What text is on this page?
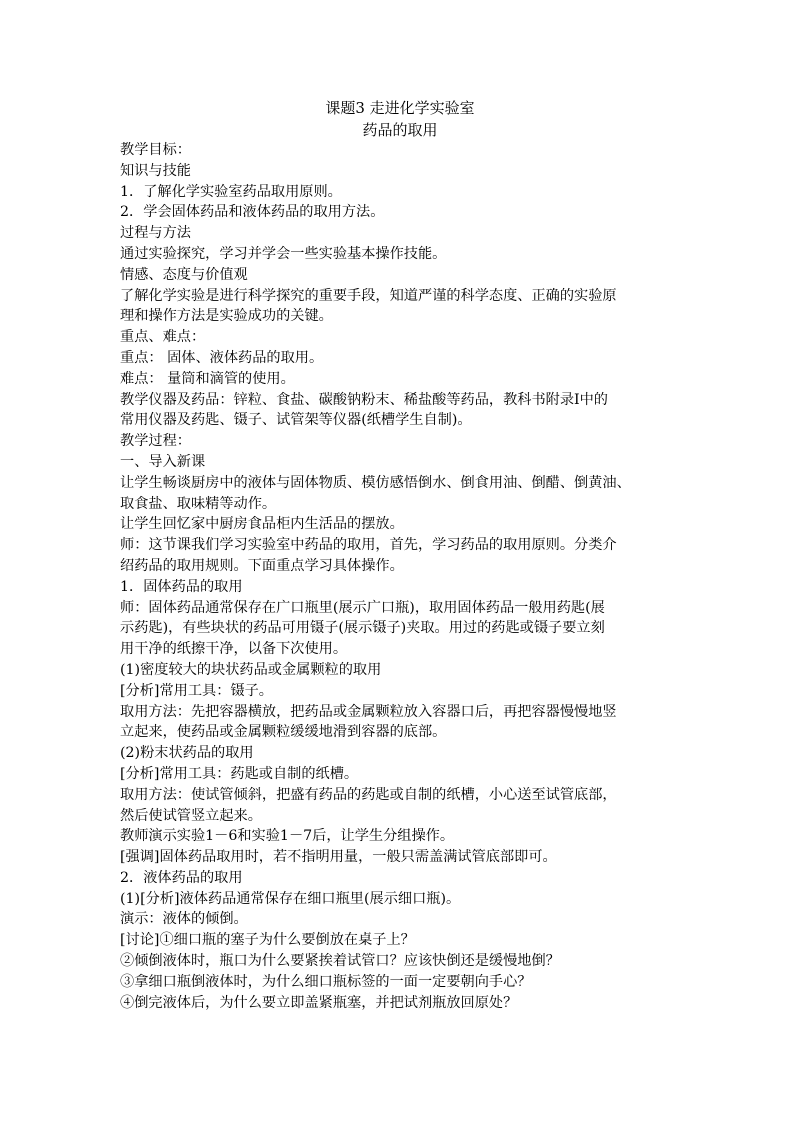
课题3 走进化学实验室
药品的取用
教学目标：
知识与技能
1．了解化学实验室药品取用原则。
2．学会固体药品和液体药品的取用方法。
过程与方法
通过实验探究，学习并学会一些实验基本操作技能。
情感、态度与价值观
了解化学实验是进行科学探究的重要手段，知道严谨的科学态度、正确的实验原
理和操作方法是实验成功的关键。
重点、难点：
重点： 固体、液体药品的取用。
难点： 量筒和滴管的使用。
教学仪器及药品：锌粒、食盐、碳酸钠粉末、稀盐酸等药品，教科书附录Ⅰ中的
常用仪器及药匙、镊子、试管架等仪器(纸槽学生自制)。
教学过程：
一、导入新课
让学生畅谈厨房中的液体与固体物质、模仿感悟倒水、倒食用油、倒醋、倒黄油、
取食盐、取味精等动作。
让学生回忆家中厨房食品柜内生活品的摆放。
师：这节课我们学习实验室中药品的取用，首先，学习药品的取用原则。分类介
绍药品的取用规则。下面重点学习具体操作。
1．固体药品的取用
师：固体药品通常保存在广口瓶里(展示广口瓶)，取用固体药品一般用药匙(展
示药匙)，有些块状的药品可用镊子(展示镊子)夹取。用过的药匙或镊子要立刻
用干净的纸擦干净，以备下次使用。
(1)密度较大的块状药品或金属颗粒的取用
[分析]常用工具：镊子。
取用方法：先把容器横放，把药品或金属颗粒放入容器口后，再把容器慢慢地竖
立起来，使药品或金属颗粒缓缓地滑到容器的底部。
(2)粉末状药品的取用
[分析]常用工具：药匙或自制的纸槽。
取用方法：使试管倾斜，把盛有药品的药匙或自制的纸槽，小心送至试管底部，
然后使试管竖立起来。
教师演示实验1－6和实验1－7后，让学生分组操作。
[强调]固体药品取用时，若不指明用量，一般只需盖满试管底部即可。
2．液体药品的取用
(1)[分析]液体药品通常保存在细口瓶里(展示细口瓶)。
演示：液体的倾倒。
[讨论]①细口瓶的塞子为什么要倒放在桌子上？
②倾倒液体时，瓶口为什么要紧挨着试管口？应该快倒还是缓慢地倒？
③拿细口瓶倒液体时，为什么细口瓶标签的一面一定要朝向手心？
④倒完液体后，为什么要立即盖紧瓶塞，并把试剂瓶放回原处？
